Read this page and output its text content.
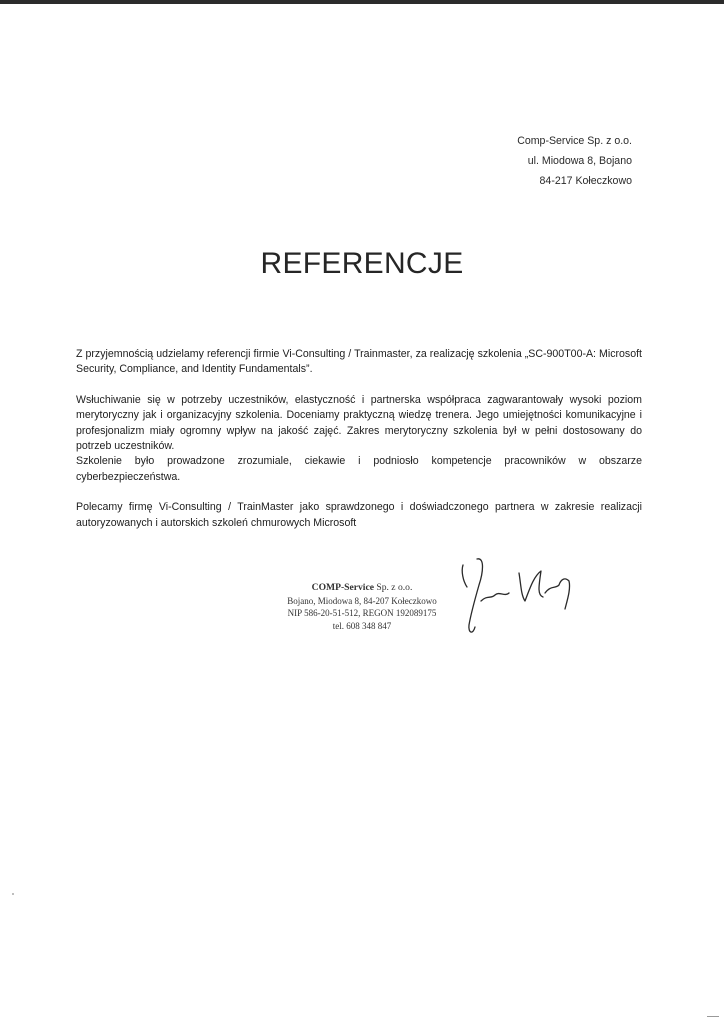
Comp-Service Sp. z o.o.
ul. Miodowa 8, Bojano
84-217 Kołeczkowo
REFERENCJE

Z przyjemnością udzielamy referencji firmie Vi-Consulting / Trainmaster, za realizację szkolenia „SC-900T00-A: Microsoft Security, Compliance, and Identity Fundamentals”.

Wsłuchiwanie się w potrzeby uczestników, elastyczność i partnerska współpraca zagwarantowały wysoki poziom merytoryczny jak i organizacyjny szkolenia. Doceniamy praktyczną wiedzę trenera. Jego umiejętności komunikacyjne i profesjonalizm miały ogromny wpływ na jakość zajęć. Zakres merytoryczny szkolenia był w pełni dostosowany do potrzeb uczestników.

Szkolenie było prowadzone zrozumiale, ciekawie i podniosło kompetencje pracowników w obszarze cyberbezpieczeństwa.

Polecamy firmę Vi-Consulting / TrainMaster jako sprawdzonego i doświadczonego partnera w zakresie realizacji autoryzowanych i autorskich szkoleń chmurowych Microsoft

COMP-Service Sp. z o.o.
Bojano, Miodowa 8, 84-207 Kołeczkowo
NIP 586-20-51-512, REGON 192089175
tel. 608 348 847
